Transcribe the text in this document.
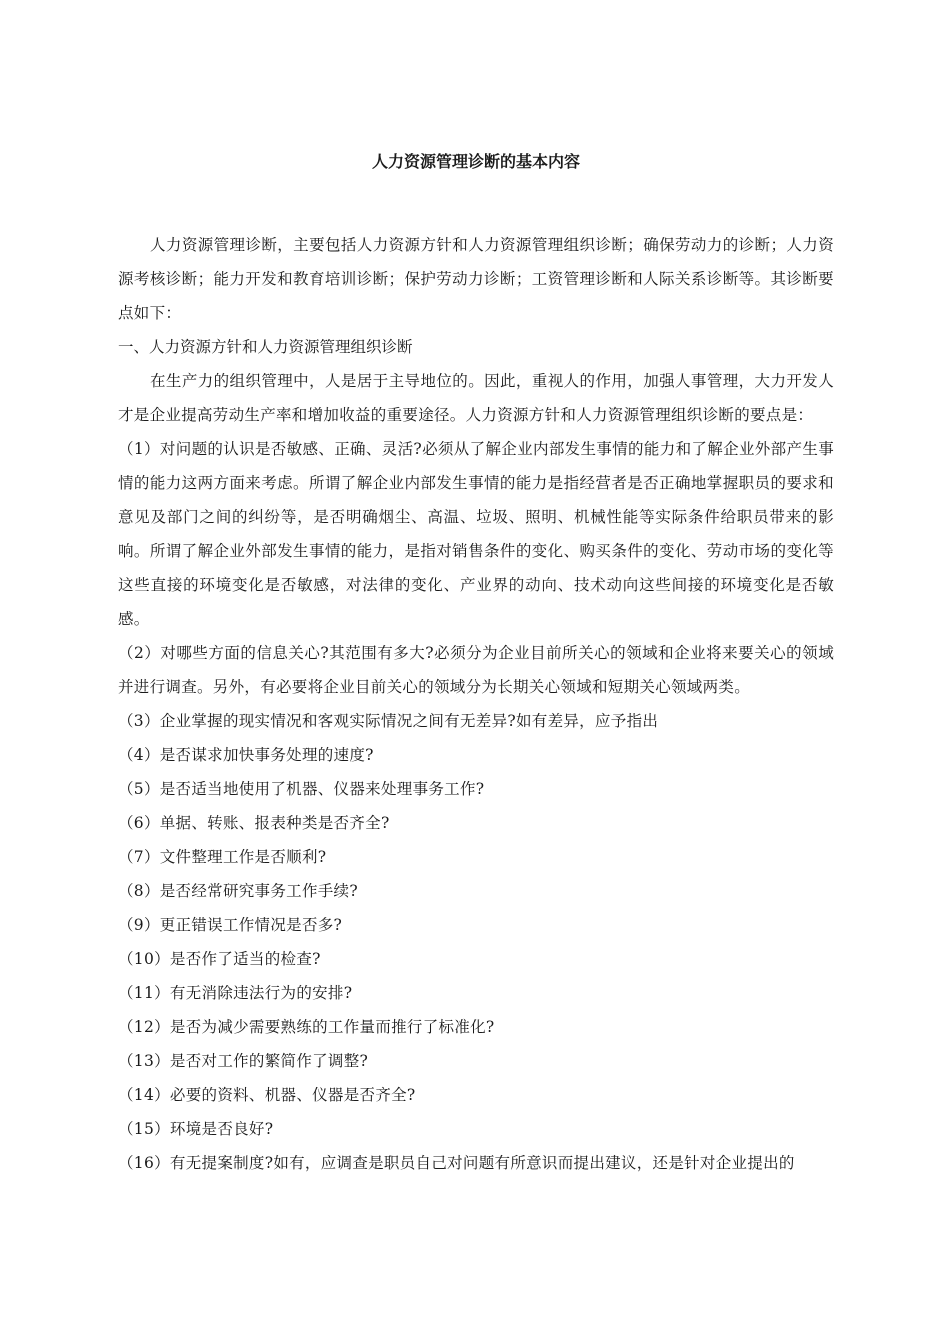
人力资源管理诊断的基本内容

人力资源管理诊断，主要包括人力资源方针和人力资源管理组织诊断；确保劳动力的诊断；人力资源考核诊断；能力开发和教育培训诊断；保护劳动力诊断；工资管理诊断和人际关系诊断等。其诊断要点如下：

一、人力资源方针和人力资源管理组织诊断

在生产力的组织管理中，人是居于主导地位的。因此，重视人的作用，加强人事管理，大力开发人才是企业提高劳动生产率和增加收益的重要途径。人力资源方针和人力资源管理组织诊断的要点是：

（1）对问题的认识是否敏感、正确、灵活?必须从了解企业内部发生事情的能力和了解企业外部产生事情的能力这两方面来考虑。所谓了解企业内部发生事情的能力是指经营者是否正确地掌握职员的要求和意见及部门之间的纠纷等，是否明确烟尘、高温、垃圾、照明、机械性能等实际条件给职员带来的影响。所谓了解企业外部发生事情的能力，是指对销售条件的变化、购买条件的变化、劳动市场的变化等这些直接的环境变化是否敏感，对法律的变化、产业界的动向、技术动向这些间接的环境变化是否敏感。

（2）对哪些方面的信息关心?其范围有多大?必须分为企业目前所关心的领域和企业将来要关心的领域并进行调查。另外，有必要将企业目前关心的领域分为长期关心领域和短期关心领域两类。

（3）企业掌握的现实情况和客观实际情况之间有无差异?如有差异，应予指出

（4）是否谋求加快事务处理的速度?

（5）是否适当地使用了机器、仪器来处理事务工作?

（6）单据、转账、报表种类是否齐全?

（7）文件整理工作是否顺利?

（8）是否经常研究事务工作手续?

（9）更正错误工作情况是否多?

（10）是否作了适当的检查?

（11）有无消除违法行为的安排?

（12）是否为减少需要熟练的工作量而推行了标准化?

（13）是否对工作的繁简作了调整?

（14）必要的资料、机器、仪器是否齐全?

（15）环境是否良好?

（16）有无提案制度?如有，应调查是职员自己对问题有所意识而提出建议，还是针对企业提出的
